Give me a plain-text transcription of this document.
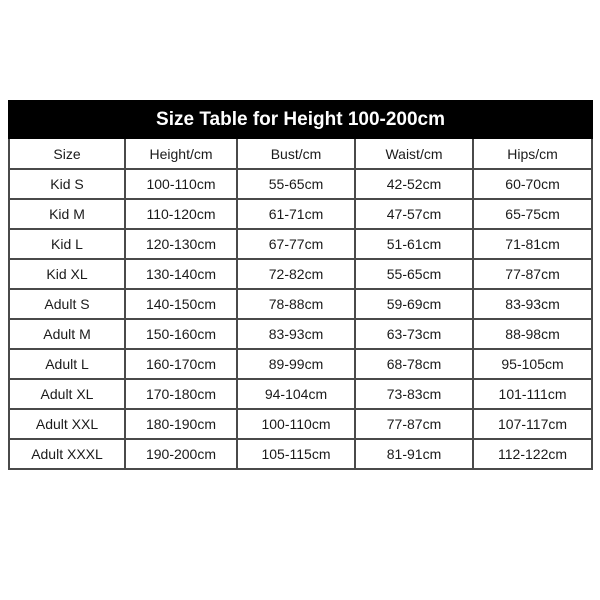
Size Table for Height 100-200cm				
Size	Height/cm	Bust/cm	Waist/cm	Hips/cm
Kid S	100-110cm	55-65cm	42-52cm	60-70cm
Kid M	110-120cm	61-71cm	47-57cm	65-75cm
Kid L	120-130cm	67-77cm	51-61cm	71-81cm
Kid XL	130-140cm	72-82cm	55-65cm	77-87cm
Adult S	140-150cm	78-88cm	59-69cm	83-93cm
Adult M	150-160cm	83-93cm	63-73cm	88-98cm
Adult L	160-170cm	89-99cm	68-78cm	95-105cm
Adult XL	170-180cm	94-104cm	73-83cm	101-111cm
Adult XXL	180-190cm	100-110cm	77-87cm	107-117cm
Adult XXXL	190-200cm	105-115cm	81-91cm	112-122cm
